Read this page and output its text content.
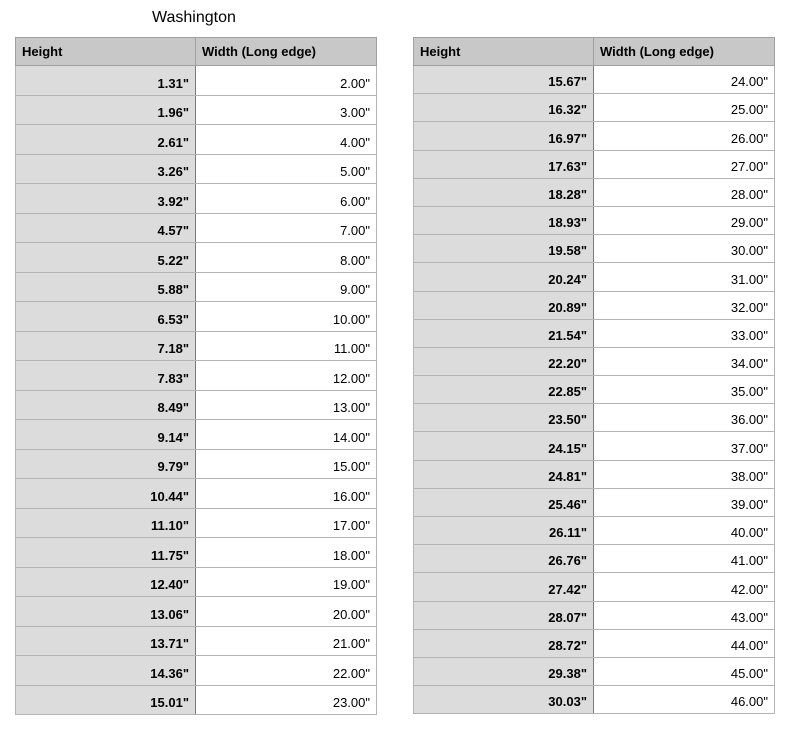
Washington
Height	Width (Long edge)
1.31"	2.00"
1.96"	3.00"
2.61"	4.00"
3.26"	5.00"
3.92"	6.00"
4.57"	7.00"
5.22"	8.00"
5.88"	9.00"
6.53"	10.00"
7.18"	11.00"
7.83"	12.00"
8.49"	13.00"
9.14"	14.00"
9.79"	15.00"
10.44"	16.00"
11.10"	17.00"
11.75"	18.00"
12.40"	19.00"
13.06"	20.00"
13.71"	21.00"
14.36"	22.00"
15.01"	23.00"
Height	Width (Long edge)
15.67"	24.00"
16.32"	25.00"
16.97"	26.00"
17.63"	27.00"
18.28"	28.00"
18.93"	29.00"
19.58"	30.00"
20.24"	31.00"
20.89"	32.00"
21.54"	33.00"
22.20"	34.00"
22.85"	35.00"
23.50"	36.00"
24.15"	37.00"
24.81"	38.00"
25.46"	39.00"
26.11"	40.00"
26.76"	41.00"
27.42"	42.00"
28.07"	43.00"
28.72"	44.00"
29.38"	45.00"
30.03"	46.00"
